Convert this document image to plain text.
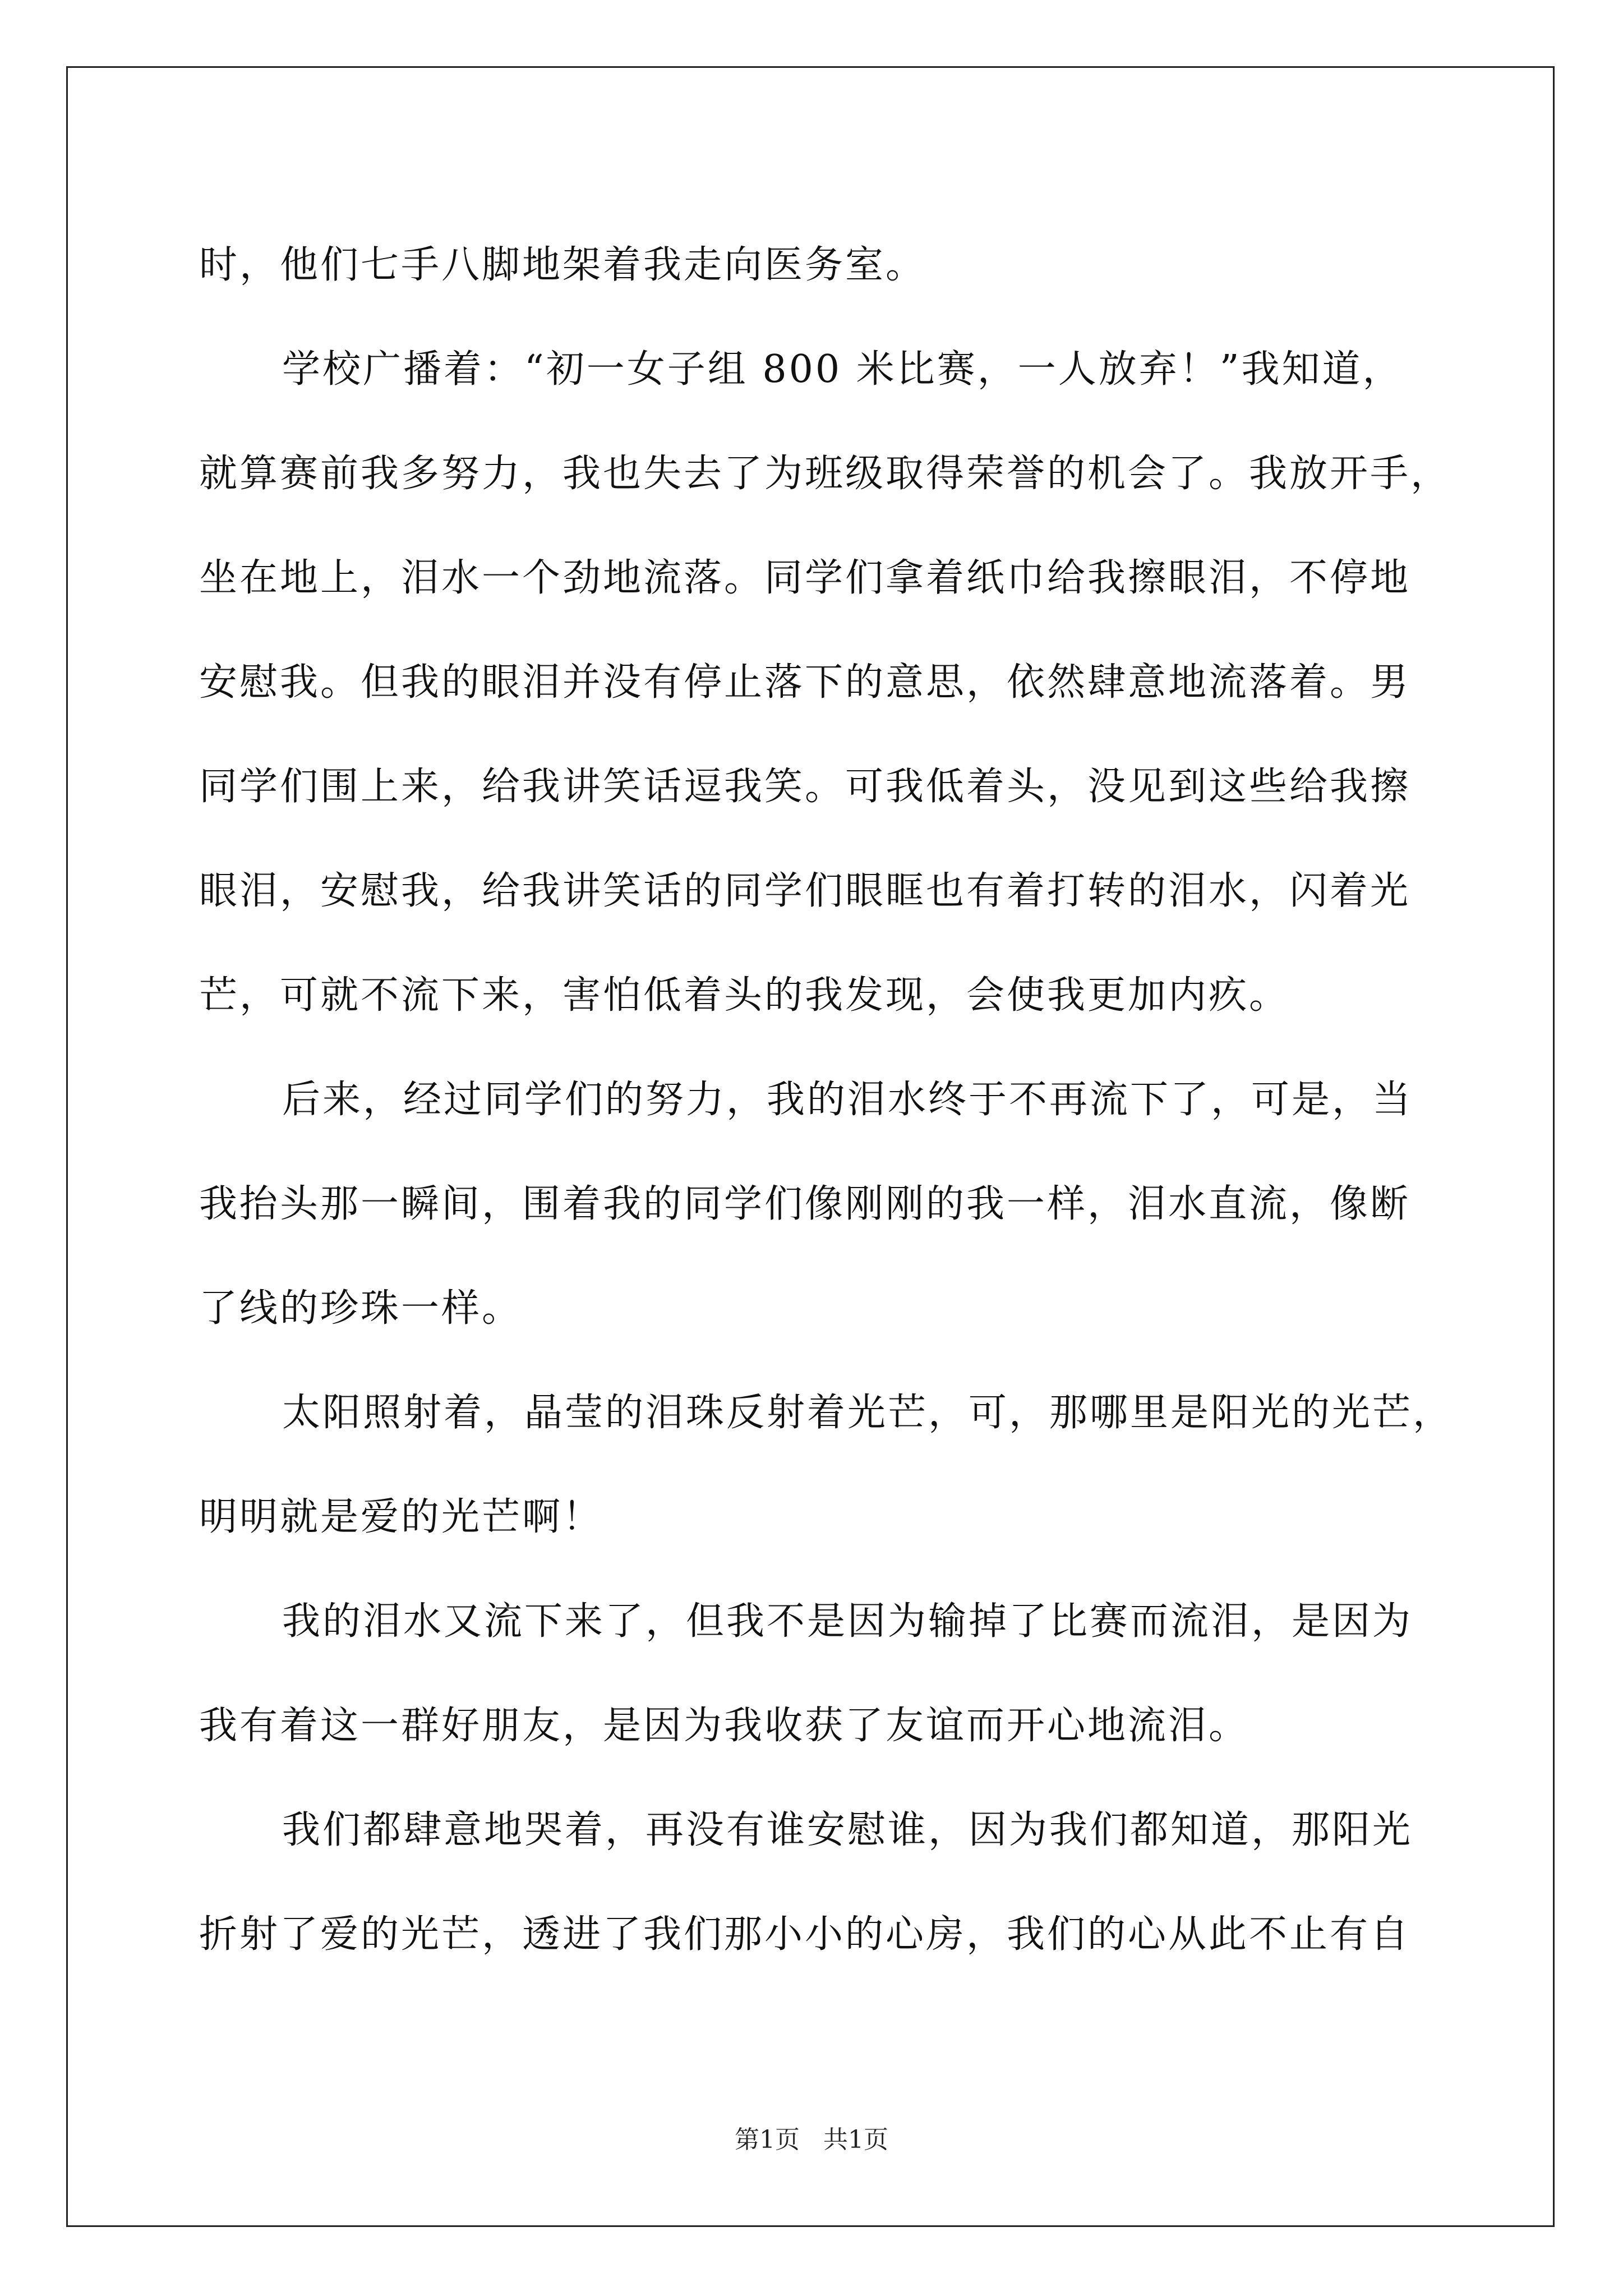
时，他们七手八脚地架着我走向医务室。
学校广播着：“初一女子组 800 米比赛，一人放弃！”我知道，
就算赛前我多努力，我也失去了为班级取得荣誉的机会了。我放开手，
坐在地上，泪水一个劲地流落。同学们拿着纸巾给我擦眼泪，不停地
安慰我。但我的眼泪并没有停止落下的意思，依然肆意地流落着。男
同学们围上来，给我讲笑话逗我笑。可我低着头，没见到这些给我擦
眼泪，安慰我，给我讲笑话的同学们眼眶也有着打转的泪水，闪着光
芒，可就不流下来，害怕低着头的我发现，会使我更加内疚。
后来，经过同学们的努力，我的泪水终于不再流下了，可是，当
我抬头那一瞬间，围着我的同学们像刚刚的我一样，泪水直流，像断
了线的珍珠一样。
太阳照射着，晶莹的泪珠反射着光芒，可，那哪里是阳光的光芒，
明明就是爱的光芒啊！
我的泪水又流下来了，但我不是因为输掉了比赛而流泪，是因为
我有着这一群好朋友，是因为我收获了友谊而开心地流泪。
我们都肆意地哭着，再没有谁安慰谁，因为我们都知道，那阳光
折射了爱的光芒，透进了我们那小小的心房，我们的心从此不止有自
第1页   共1页
